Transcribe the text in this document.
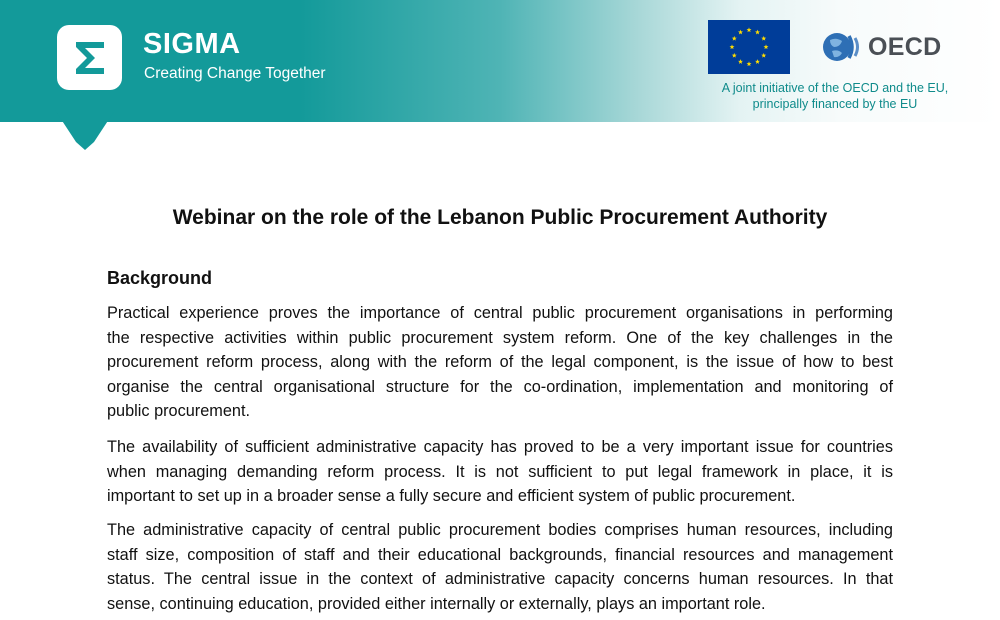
SIGMA
Creating Change Together
OECD
A joint initiative of the OECD and the EU,
principally financed by the EU
Webinar on the role of the Lebanon Public Procurement Authority
Background

Practical experience proves the importance of central public procurement organisations in performing
the respective activities within public procurement system reform. One of the key challenges in the
procurement reform process, along with the reform of the legal component, is the issue of how to best
organise the central organisational structure for the co-ordination, implementation and monitoring of
public procurement.

The availability of sufficient administrative capacity has proved to be a very important issue for countries
when managing demanding reform process. It is not sufficient to put legal framework in place, it is
important to set up in a broader sense a fully secure and efficient system of public procurement.

The administrative capacity of central public procurement bodies comprises human resources, including
staff size, composition of staff and their educational backgrounds, financial resources and management
status. The central issue in the context of administrative capacity concerns human resources. In that
sense, continuing education, provided either internally or externally, plays an important role.
